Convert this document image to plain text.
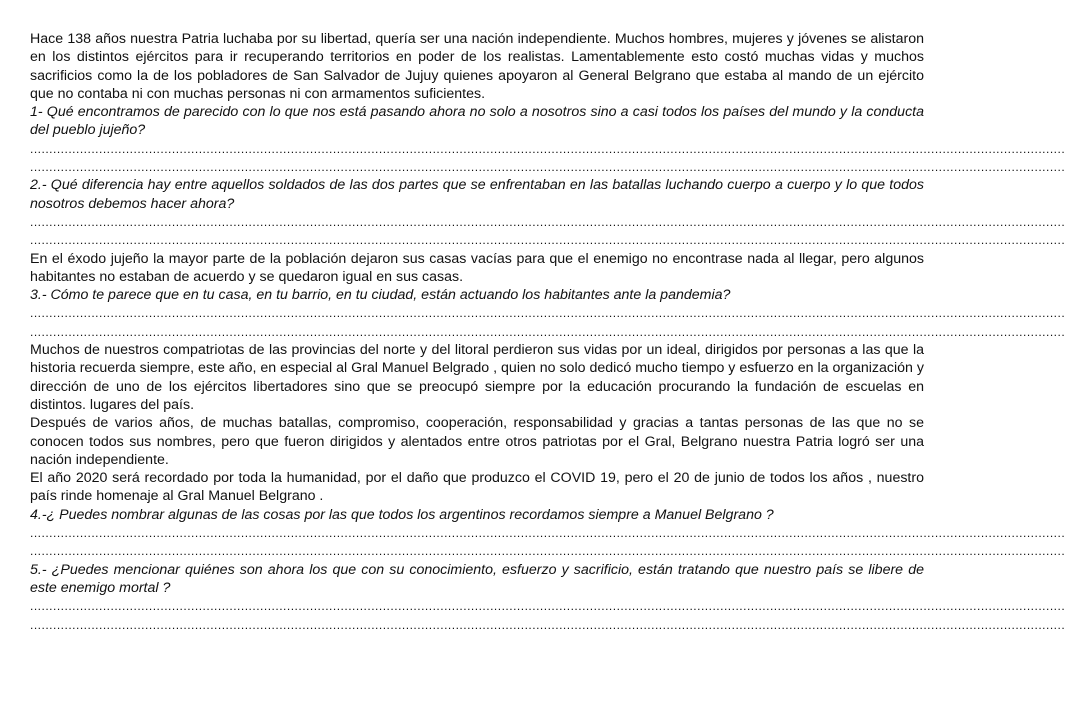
Hace 138 años nuestra Patria luchaba por su libertad, quería ser una nación independiente. Muchos hombres, mujeres y jóvenes se alistaron en los distintos ejércitos para ir recuperando territorios en poder de los realistas. Lamentablemente esto costó muchas vidas y muchos sacrificios como la de los pobladores de San Salvador de Jujuy quienes apoyaron al General Belgrano que estaba al mando de un ejército que no contaba ni con muchas personas ni con armamentos suficientes.

1- Qué encontramos de parecido con lo que nos está pasando ahora no solo a nosotros sino a casi todos los países del mundo y la conducta del pueblo jujeño?

..............................................................................................................................................................................................................................................................................

..............................................................................................................................................................................................................................................................................

2.- Qué diferencia hay entre aquellos soldados de las dos partes que se enfrentaban en las batallas luchando cuerpo a cuerpo y lo que todos nosotros debemos hacer ahora?

..............................................................................................................................................................................................................................................................................

..............................................................................................................................................................................................................................................................................

En el éxodo jujeño la mayor parte de la población dejaron sus casas vacías para que el enemigo no encontrase nada al llegar, pero algunos habitantes no estaban de acuerdo y se quedaron igual en sus casas.

3.- Cómo te parece que en tu casa, en tu barrio, en tu ciudad, están actuando los habitantes ante la pandemia?

..............................................................................................................................................................................................................................................................................

..............................................................................................................................................................................................................................................................................

Muchos de nuestros compatriotas de las provincias del norte y del litoral perdieron sus vidas por un ideal, dirigidos por personas a las que la historia recuerda siempre, este año, en especial al Gral Manuel Belgrado , quien no solo dedicó mucho tiempo y esfuerzo en la organización y dirección de uno de los ejércitos libertadores sino que se preocupó siempre por la educación procurando la fundación de escuelas en distintos. lugares del país.

Después de varios años, de muchas batallas, compromiso, cooperación, responsabilidad y gracias a tantas personas de las que no se conocen todos sus nombres, pero que fueron dirigidos y alentados entre otros patriotas por el Gral, Belgrano nuestra Patria logró ser una nación independiente.

El año 2020 será recordado por toda la humanidad, por el daño que produzco el COVID 19, pero el 20 de junio de todos los años , nuestro país rinde homenaje al Gral Manuel Belgrano .

4.-¿ Puedes nombrar algunas de las cosas por las que todos los argentinos recordamos siempre a Manuel Belgrano ?

..............................................................................................................................................................................................................................................................................

..............................................................................................................................................................................................................................................................................

5.- ¿Puedes mencionar quiénes son ahora los que con su conocimiento, esfuerzo y sacrificio, están tratando que nuestro país se libere de este enemigo mortal ?

..............................................................................................................................................................................................................................................................................

..............................................................................................................................................................................................................................................................................
